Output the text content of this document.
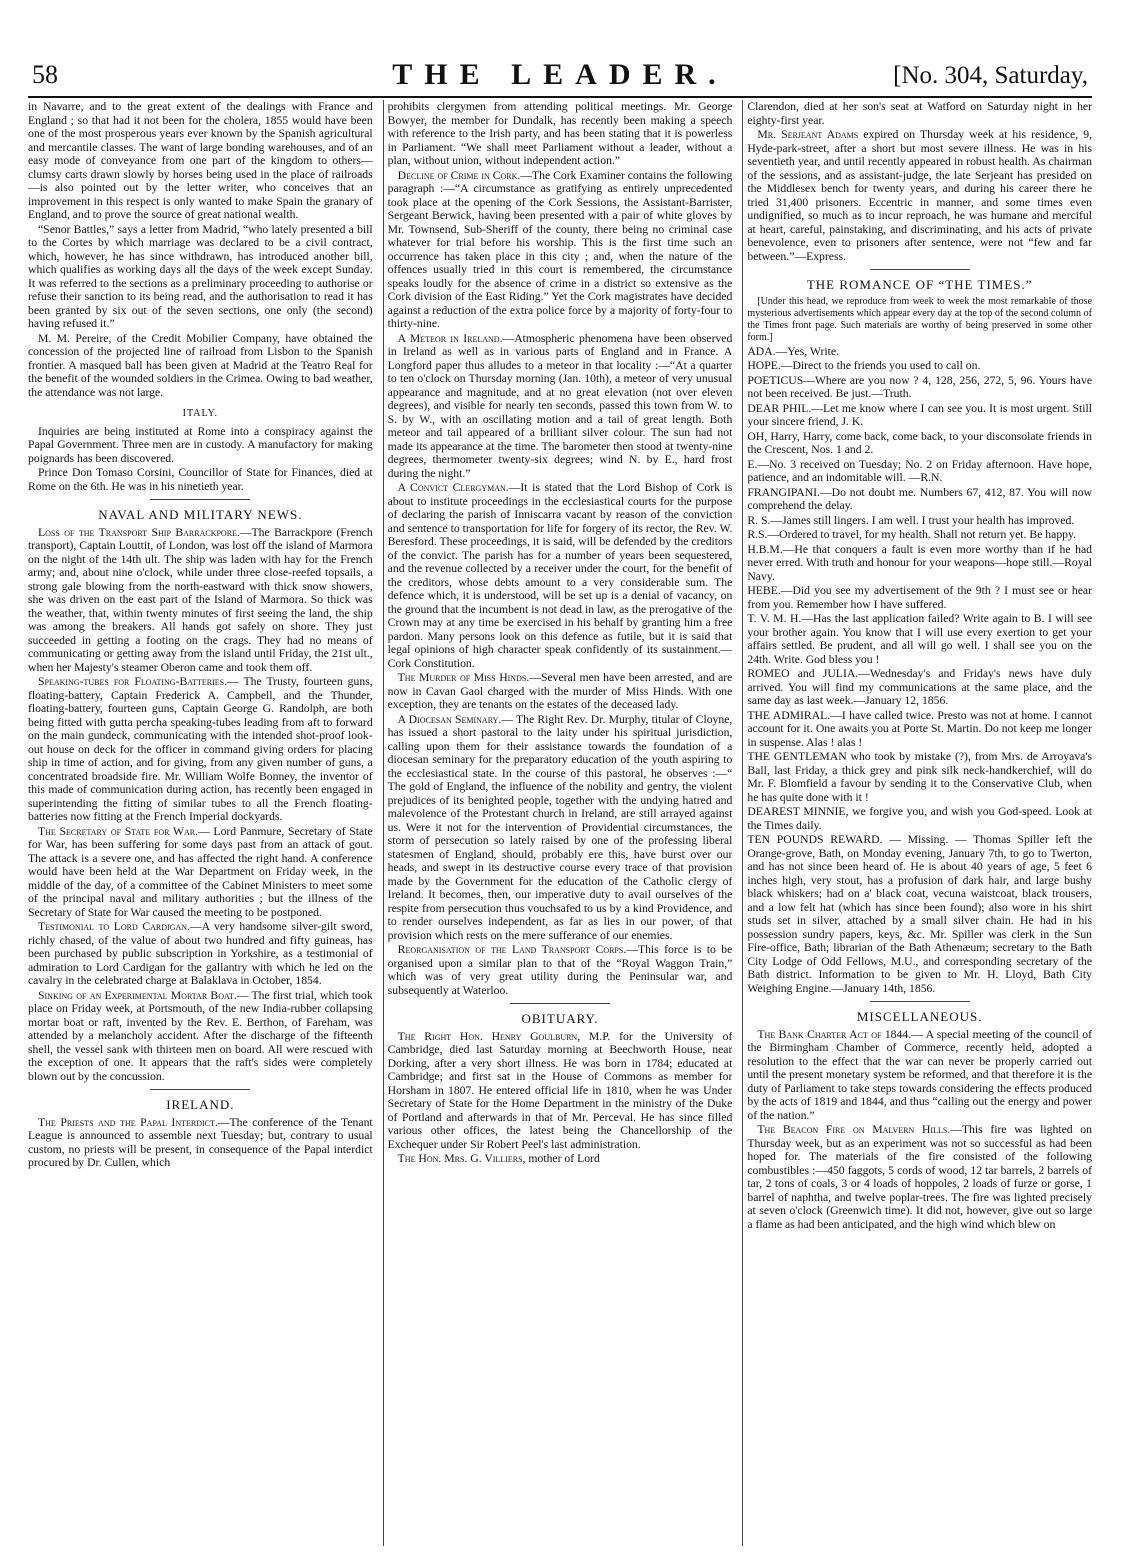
58	THE LEADER.	[No. 304, Saturday,

in Navarre, and to the great extent of the dealings with France and England ; so that had it not been for the cholera, 1855 would have been one of the most prosperous years ever known by the Spanish agricultural and mercantile classes. The want of large bonding warehouses, and of an easy mode of conveyance from one part of the kingdom to others—clumsy carts drawn slowly by horses being used in the place of railroads—is also pointed out by the letter writer, who conceives that an improvement in this respect is only wanted to make Spain the granary of England, and to prove the source of great national wealth.

“Senor Battles,” says a letter from Madrid, “who lately presented a bill to the Cortes by which marriage was declared to be a civil contract, which, however, he has since withdrawn, has introduced another bill, which qualifies as working days all the days of the week except Sunday. It was referred to the sections as a preliminary proceeding to authorise or refuse their sanction to its being read, and the authorisation to read it has been granted by six out of the seven sections, one only (the second) having refused it.”

M. M. Pereire, of the Credit Mobilier Company, have obtained the concession of the projected line of railroad from Lisbon to the Spanish frontier. A masqued ball has been given at Madrid at the Teatro Real for the benefit of the wounded soldiers in the Crimea. Owing to bad weather, the attendance was not large.

ITALY.

Inquiries are being instituted at Rome into a conspiracy against the Papal Government. Three men are in custody. A manufactory for making poignards has been discovered.

Prince Don Tomaso Corsini, Councillor of State for Finances, died at Rome on the 6th. He was in his ninetieth year.

NAVAL AND MILITARY NEWS.

Loss of the Transport Ship Barrackpore.—The Barrackpore (French transport), Captain Louttit, of London, was lost off the island of Marmora on the night of the 14th ult. The ship was laden with hay for the French army; and, about nine o'clock, while under three close-reefed topsails, a strong gale blowing from the north-eastward with thick snow showers, she was driven on the east part of the Island of Marmora. So thick was the weather, that, within twenty minutes of first seeing the land, the ship was among the breakers. All hands got safely on shore. They just succeeded in getting a footing on the crags. They had no means of communicating or getting away from the island until Friday, the 21st ult., when her Majesty's steamer Oberon came and took them off.

Speaking-tubes for Floating-Batteries.— The Trusty, fourteen guns, floating-battery, Captain Frederick A. Campbell, and the Thunder, floating-battery, fourteen guns, Captain George G. Randolph, are both being fitted with gutta percha speaking-tubes leading from aft to forward on the main gundeck, communicating with the intended shot-proof look-out house on deck for the officer in command giving orders for placing ship in time of action, and for giving, from any given number of guns, a concentrated broadside fire. Mr. William Wolfe Bonney, the inventor of this made of communication during action, has recently been engaged in superintending the fitting of similar tubes to all the French floating-batteries now fitting at the French Imperial dockyards.

The Secretary of State for War.— Lord Panmure, Secretary of State for War, has been suffering for some days past from an attack of gout. The attack is a severe one, and has affected the right hand. A conference would have been held at the War Department on Friday week, in the middle of the day, of a committee of the Cabinet Ministers to meet some of the principal naval and military authorities ; but the illness of the Secretary of State for War caused the meeting to be postponed.

Testimonial to Lord Cardigan.—A very handsome silver-gilt sword, richly chased, of the value of about two hundred and fifty guineas, has been purchased by public subscription in Yorkshire, as a testimonial of admiration to Lord Cardigan for the gallantry with which he led on the cavalry in the celebrated charge at Balaklava in October, 1854.

Sinking of an Experimental Mortar Boat.— The first trial, which took place on Friday week, at Portsmouth, of the new India-rubber collapsing mortar boat or raft, invented by the Rev. E. Berthon, of Fareham, was attended by a melancholy accident. After the discharge of the fifteenth shell, the vessel sank with thirteen men on board. All were rescued with the exception of one. It appears that the raft's sides were completely blown out by the concussion.

IRELAND.

The Priests and the Papal Interdict.—The conference of the Tenant League is announced to assemble next Tuesday; but, contrary to usual custom, no priests will be present, in consequence of the Papal interdict procured by Dr. Cullen, which

prohibits clergymen from attending political meetings. Mr. George Bowyer, the member for Dundalk, has recently been making a speech with reference to the Irish party, and has been stating that it is powerless in Parliament. “We shall meet Parliament without a leader, without a plan, without union, without independent action.”

Decline of Crime in Cork.—The Cork Examiner contains the following paragraph :—“A circumstance as gratifying as entirely unprecedented took place at the opening of the Cork Sessions, the Assistant-Barrister, Sergeant Berwick, having been presented with a pair of white gloves by Mr. Townsend, Sub-Sheriff of the county, there being no criminal case whatever for trial before his worship. This is the first time such an occurrence has taken place in this city ; and, when the nature of the offences usually tried in this court is remembered, the circumstance speaks loudly for the absence of crime in a district so extensive as the Cork division of the East Riding.” Yet the Cork magistrates have decided against a reduction of the extra police force by a majority of forty-four to thirty-nine.

A Meteor in Ireland.—Atmospheric phenomena have been observed in Ireland as well as in various parts of England and in France. A Longford paper thus alludes to a meteor in that locality :—“At a quarter to ten o'clock on Thursday morning (Jan. 10th), a meteor of very unusual appearance and magnitude, and at no great elevation (not over eleven degrees), and visible for nearly ten seconds, passed this town from W. to S. by W., with an oscillating motion and a tail of great length. Both meteor and tail appeared of a brilliant silver colour. The sun had not made its appearance at the time. The barometer then stood at twenty-nine degrees, thermometer twenty-six degrees; wind N. by E., hard frost during the night.”

A Convict Clergyman.—It is stated that the Lord Bishop of Cork is about to institute proceedings in the ecclesiastical courts for the purpose of declaring the parish of Inniscarra vacant by reason of the conviction and sentence to transportation for life for forgery of its rector, the Rev. W. Beresford. These proceedings, it is said, will be defended by the creditors of the convict. The parish has for a number of years been sequestered, and the revenue collected by a receiver under the court, for the benefit of the creditors, whose debts amount to a very considerable sum. The defence which, it is understood, will be set up is a denial of vacancy, on the ground that the incumbent is not dead in law, as the prerogative of the Crown may at any time be exercised in his behalf by granting him a free pardon. Many persons look on this defence as futile, but it is said that legal opinions of high character speak confidently of its sustainment.—Cork Constitution.

The Murder of Miss Hinds.—Several men have been arrested, and are now in Cavan Gaol charged with the murder of Miss Hinds. With one exception, they are tenants on the estates of the deceased lady.

A Diocesan Seminary.— The Right Rev. Dr. Murphy, titular of Cloyne, has issued a short pastoral to the laity under his spiritual jurisdiction, calling upon them for their assistance towards the foundation of a diocesan seminary for the preparatory education of the youth aspiring to the ecclesiastical state. In the course of this pastoral, he observes :—“ The gold of England, the influence of the nobility and gentry, the violent prejudices of its benighted people, together with the undying hatred and malevolence of the Protestant church in Ireland, are still arrayed against us. Were it not for the intervention of Providential circumstances, the storm of persecution so lately raised by one of the professing liberal statesmen of England, should, probably ere this, have burst over our heads, and swept in its destructive course every trace of that provision made by the Government for the education of the Catholic clergy of Ireland. It becomes, then, our imperative duty to avail ourselves of the respite from persecution thus vouchsafed to us by a kind Providence, and to render ourselves independent, as far as lies in our power, of that provision which rests on the mere sufferance of our enemies.

Reorganisation of the Land Transport Corps.—This force is to be organised upon a similar plan to that of the “Royal Waggon Train,” which was of very great utility during the Peninsular war, and subsequently at Waterloo.

OBITUARY.

The Right Hon. Henry Goulburn, M.P. for the University of Cambridge, died last Saturday morning at Beechworth House, near Dorking, after a very short illness. He was born in 1784; educated at Cambridge; and first sat in the House of Commons as member for Horsham in 1807. He entered official life in 1810, when he was Under Secretary of State for the Home Department in the ministry of the Duke of Portland and afterwards in that of Mr. Perceval. He has since filled various other offices, the latest being the Chancellorship of the Exchequer under Sir Robert Peel's last administration.

The Hon. Mrs. G. Villiers, mother of Lord

Clarendon, died at her son's seat at Watford on Saturday night in her eighty-first year.

Mr. Serjeant Adams expired on Thursday week at his residence, 9, Hyde-park-street, after a short but most severe illness. He was in his seventieth year, and until recently appeared in robust health. As chairman of the sessions, and as assistant-judge, the late Serjeant has presided on the Middlesex bench for twenty years, and during his career there he tried 31,400 prisoners. Eccentric in manner, and some times even undignified, so much as to incur reproach, he was humane and merciful at heart, careful, painstaking, and discriminating, and his acts of private benevolence, even to prisoners after sentence, were not “few and far between.”—Express.

THE ROMANCE OF “THE TIMES.”

[Under this head, we reproduce from week to week the most remarkable of those mysterious advertisements which appear every day at the top of the second column of the Times front page. Such materials are worthy of being preserved in some other form.]

ADA.—Yes, Write.

HOPE.—Direct to the friends you used to call on.

POETICUS—Where are you now ? 4, 128, 256, 272, 5, 96. Yours have not been received. Be just.—Truth.

DEAR PHIL.—Let me know where I can see you. It is most urgent. Still your sincere friend, J. K.

OH, Harry, Harry, come back, come back, to your disconsolate friends in the Crescent, Nos. 1 and 2.

E.—No. 3 received on Tuesday; No. 2 on Friday afternoon. Have hope, patience, and an indomitable will. —R.N.

FRANGIPANI.—Do not doubt me. Numbers 67, 412, 87. You will now comprehend the delay.

R. S.—James still lingers. I am well. I trust your health has improved.

R.S.—Ordered to travel, for my health. Shall not return yet. Be happy.

H.B.M.—He that conquers a fault is even more worthy than if he had never erred. With truth and honour for your weapons—hope still.—Royal Navy.

HEBE.—Did you see my advertisement of the 9th ? I must see or hear from you. Remember how I have suffered.

T. V. M. H.—Has the last application failed? Write again to B. I will see your brother again. You know that I will use every exertion to get your affairs settled. Be prudent, and all will go well. I shall see you on the 24th. Write. God bless you !

ROMEO and JULIA.—Wednesday's and Friday's news have duly arrived. You will find my communications at the same place, and the same day as last week.—January 12, 1856.

THE ADMIRAL.—I have called twice. Presto was not at home. I cannot account for it. One awaits you at Porte St. Martin. Do not keep me longer in suspense. Alas ! alas !

THE GENTLEMAN who took by mistake (?), from Mrs. de Arroyava's Ball, last Friday, a thick grey and pink silk neck-handkerchief, will do Mr. F. Blomfield a favour by sending it to the Conservative Club, when he has quite done with it !

DEAREST MINNIE, we forgive you, and wish you God-speed. Look at the Times daily.

TEN POUNDS REWARD. — Missing. — Thomas Spiller left the Orange-grove, Bath, on Monday evening, January 7th, to go to Twerton, and has not since been heard of. He is about 40 years of age, 5 feet 6 inches high, very stout, has a profusion of dark hair, and large bushy black whiskers; had on a' black coat, vecuna waistcoat, black trousers, and a low felt hat (which has since been found); also wore in his shirt studs set in silver, attached by a small silver chain. He had in his possession sundry papers, keys, &c. Mr. Spiller was clerk in the Sun Fire-office, Bath; librarian of the Bath Athenæum; secretary to the Bath City Lodge of Odd Fellows, M.U., and corresponding secretary of the Bath district. Information to be given to Mr. H. Lloyd, Bath City Weighing Engine.—January 14th, 1856.

MISCELLANEOUS.

The Bank Charter Act of 1844.— A special meeting of the council of the Birmingham Chamber of Commerce, recently held, adopted a resolution to the effect that the war can never be properly carried out until the present monetary system be reformed, and that therefore it is the duty of Parliament to take steps towards considering the effects produced by the acts of 1819 and 1844, and thus “calling out the energy and power of the nation.”

The Beacon Fire on Malvern Hills.—This fire was lighted on Thursday week, but as an experiment was not so successful as had been hoped for. The materials of the fire consisted of the following combustibles :—450 faggots, 5 cords of wood, 12 tar barrels, 2 barrels of tar, 2 tons of coals, 3 or 4 loads of hoppoles, 2 loads of furze or gorse, 1 barrel of naphtha, and twelve poplar-trees. The fire was lighted precisely at seven o'clock (Greenwich time). It did not, however, give out so large a flame as had been anticipated, and the high wind which blew on
